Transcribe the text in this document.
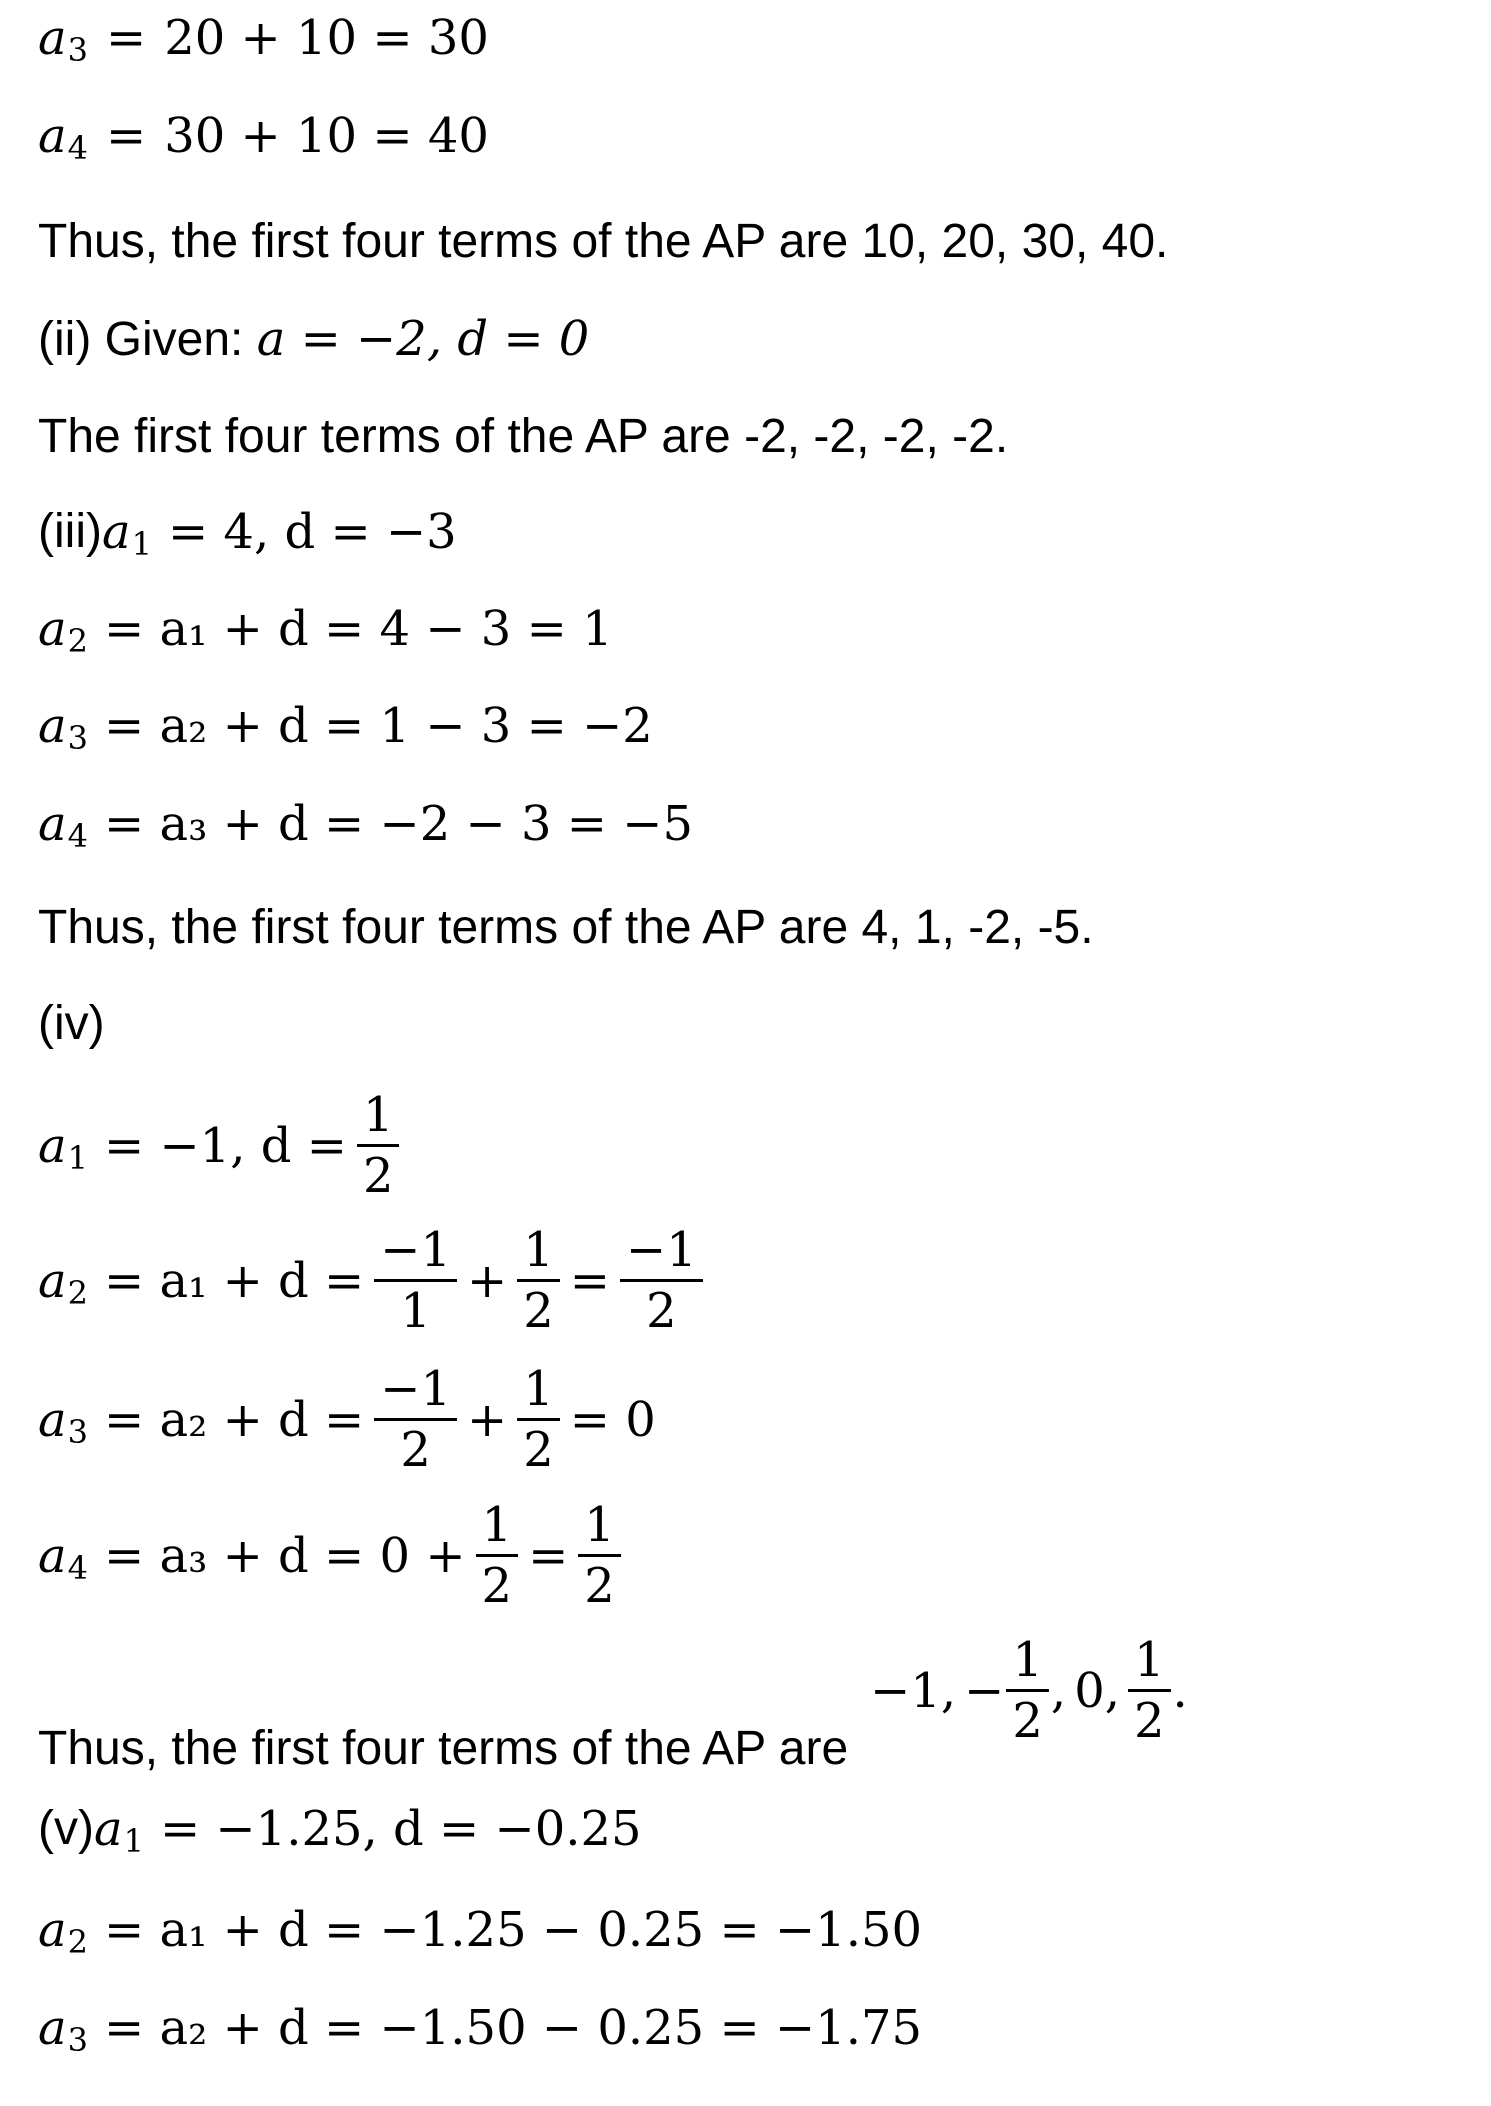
a 3 = 20 + 10 = 30
a 4 = 30 + 10 = 40
Thus, the first four terms of the AP are 10, 20, 30, 40.
(ii) Given: a = −2, d = 0
The first four terms of the AP are -2, -2, -2, -2.
(iii) a 1 = 4, d = −3
a 2 = a₁ + d = 4 − 3 = 1
a 3 = a₂ + d = 1 − 3 = −2
a 4 = a₃ + d = −2 − 3 = −5
Thus, the first four terms of the AP are 4, 1, -2, -5.
(iv)
a 1 = −1, $d = \frac{1}{2}$
a $2 = a_1 + d = \frac{-1}{1} + \frac{1}{2} = \frac{-1}{2}$
a $3 = a_2 + d = \frac{-1}{2} + \frac{1}{2} = 0$
a $4 = a_3 + d = 0 + \frac{1}{2} = \frac{1}{2}$
Thus, the first four terms of the AP are
−1, − $\frac{1}{2}$ , 0, $\frac{1}{2}$ .
(v) a 1 = −1.25, d = −0.25
a 2 = a₁ + d = −1.25 − 0.25 = −1.50
a 3 = a₂ + d = −1.50 − 0.25 = −1.75
